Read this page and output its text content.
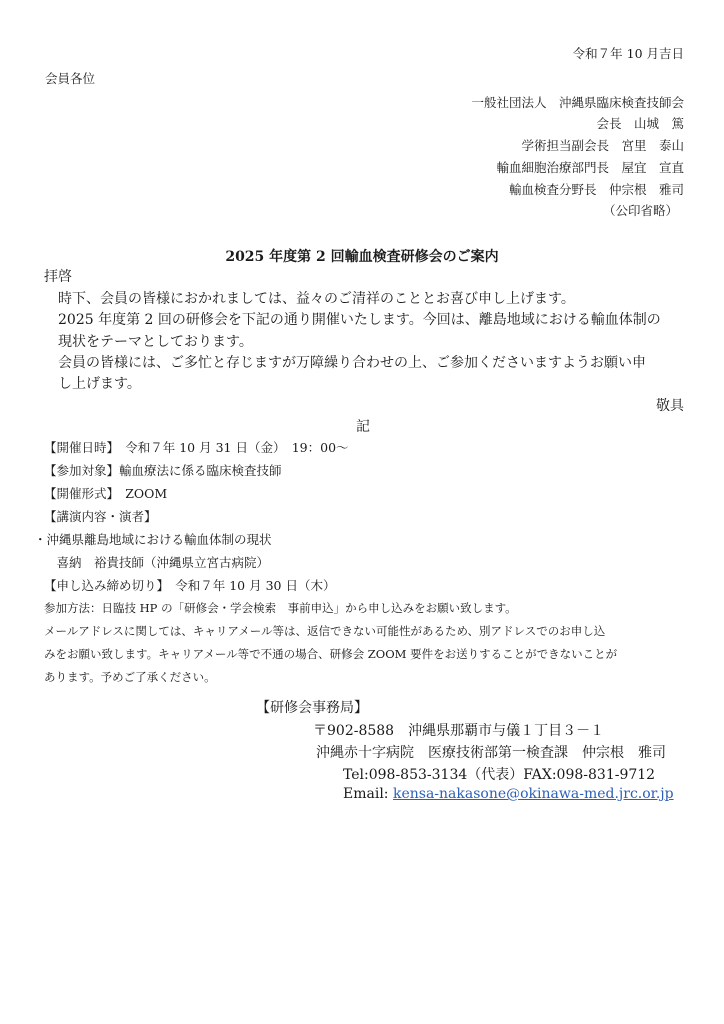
令和７年 10 月吉日
会員各位
一般社団法人　沖縄県臨床検査技師会
会長　山城　篤
学術担当副会長　宮里　泰山
輸血細胞治療部門長　屋宜　宣直
輸血検査分野長　仲宗根　雅司
（公印省略）
2025 年度第 2 回輸血検査研修会のご案内
拝啓
時下、会員の皆様におかれましては、益々のご清祥のこととお喜び申し上げます。
2025 年度第 2 回の研修会を下記の通り開催いたします。今回は、離島地域における輸血体制の
現状をテーマとしております。
会員の皆様には、ご多忙と存じますが万障繰り合わせの上、ご参加くださいますようお願い申
し上げます。
敬具
記
【開催日時】　令和７年 10 月 31 日（金）　19：00～
【参加対象】輸血療法に係る臨床検査技師
【開催形式】　ZOOM
【講演内容・演者】
・沖縄県離島地域における輸血体制の現状
　喜納　裕貴技師（沖縄県立宮古病院）
【申し込み締め切り】　令和７年 10 月 30 日（木）
参加方法：日臨技 HP の「研修会・学会検索　事前申込」から申し込みをお願い致します。
メールアドレスに関しては、キャリアメール等は、返信できない可能性があるため、別アドレスでのお申し込
みをお願い致します。キャリアメール等で不通の場合、研修会 ZOOM 要件をお送りすることができないことが
あります。予めご了承ください。
【研修会事務局】
〒902-8588　沖縄県那覇市与儀１丁目３－１
沖縄赤十字病院　医療技術部第一検査課　仲宗根　雅司
Tel:098-853-3134（代表）FAX:098-831-9712
Email: kensa-nakasone@okinawa-med.jrc.or.jp
